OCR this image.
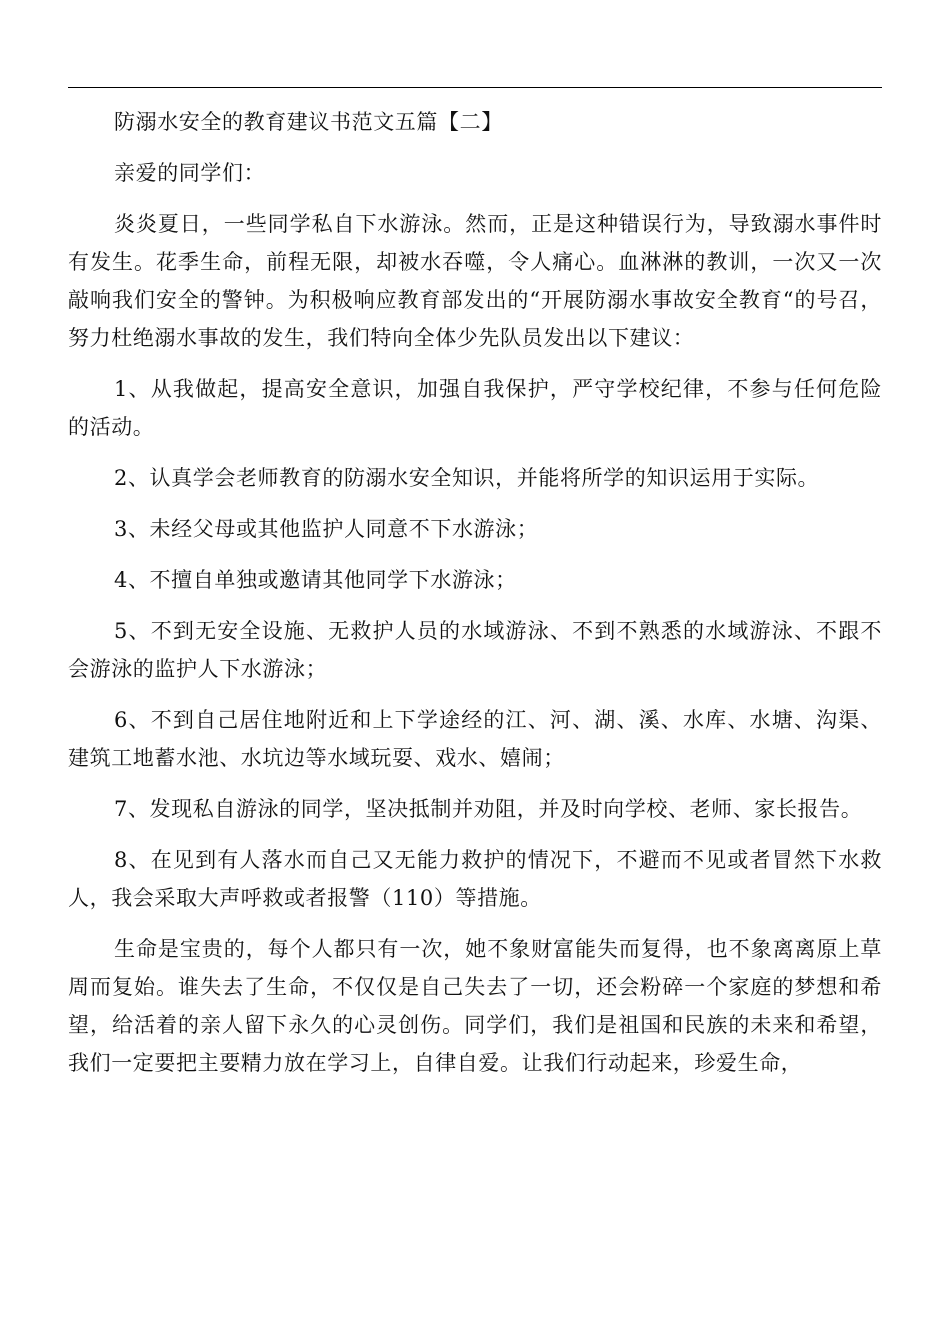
防溺水安全的教育建议书范文五篇【二】

亲爱的同学们：

炎炎夏日，一些同学私自下水游泳。然而，正是这种错误行为，导致溺水事件时有发生。花季生命，前程无限，却被水吞噬，令人痛心。血淋淋的教训，一次又一次敲响我们安全的警钟。为积极响应教育部发出的“开展防溺水事故安全教育“的号召，努力杜绝溺水事故的发生，我们特向全体少先队员发出以下建议：

1、从我做起，提高安全意识，加强自我保护，严守学校纪律，不参与任何危险的活动。

2、认真学会老师教育的防溺水安全知识，并能将所学的知识运用于实际。

3、未经父母或其他监护人同意不下水游泳；

4、不擅自单独或邀请其他同学下水游泳；

5、不到无安全设施、无救护人员的水域游泳、不到不熟悉的水域游泳、不跟不会游泳的监护人下水游泳；

6、不到自己居住地附近和上下学途经的江、河、湖、溪、水库、水塘、沟渠、建筑工地蓄水池、水坑边等水域玩耍、戏水、嬉闹；

7、发现私自游泳的同学，坚决抵制并劝阻，并及时向学校、老师、家长报告。

8、在见到有人落水而自己又无能力救护的情况下，不避而不见或者冒然下水救人，我会采取大声呼救或者报警（110）等措施。

生命是宝贵的，每个人都只有一次，她不象财富能失而复得，也不象离离原上草周而复始。谁失去了生命，不仅仅是自己失去了一切，还会粉碎一个家庭的梦想和希望，给活着的亲人留下永久的心灵创伤。同学们，我们是祖国和民族的未来和希望，我们一定要把主要精力放在学习上，自律自爱。让我们行动起来，珍爱生命，
